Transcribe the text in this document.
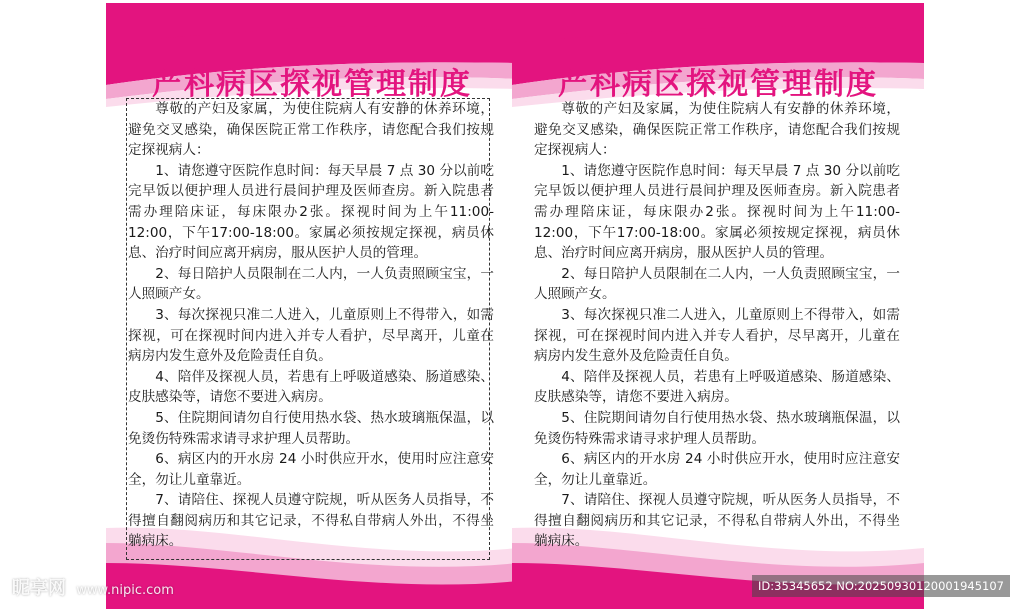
产科病区探视管理制度

尊敬的产妇及家属，为使住院病人有安静的休养环境，避免交叉感染，确保医院正常工作秩序，请您配合我们按规定探视病人：

1、请您遵守医院作息时间：每天早晨 7 点 30 分以前吃完早饭以便护理人员进行晨间护理及医师查房。新入院患者需办理陪床证，每床限办2张。探视时间为上午11:00-12:00，下午17:00-18:00。家属必须按规定探视，病员休息、治疗时间应离开病房，服从医护人员的管理。

2、每日陪护人员限制在二人内，一人负责照顾宝宝，一人照顾产女。

3、每次探视只准二人进入，儿童原则上不得带入，如需探视，可在探视时间内进入并专人看护，尽早离开，儿童在病房内发生意外及危险责任自负。

4、陪伴及探视人员，若患有上呼吸道感染、肠道感染、皮肤感染等，请您不要进入病房。

5、住院期间请勿自行使用热水袋、热水玻璃瓶保温，以免烫伤特殊需求请寻求护理人员帮助。

6、病区内的开水房 24 小时供应开水，使用时应注意安全，勿让儿童靠近。

7、请陪住、探视人员遵守院规，听从医务人员指导，不得擅自翻阅病历和其它记录，不得私自带病人外出，不得坐躺病床。

产科病区探视管理制度

尊敬的产妇及家属，为使住院病人有安静的休养环境，避免交叉感染，确保医院正常工作秩序，请您配合我们按规定探视病人：

1、请您遵守医院作息时间：每天早晨 7 点 30 分以前吃完早饭以便护理人员进行晨间护理及医师查房。新入院患者需办理陪床证，每床限办2张。探视时间为上午11:00-12:00，下午17:00-18:00。家属必须按规定探视，病员休息、治疗时间应离开病房，服从医护人员的管理。

2、每日陪护人员限制在二人内，一人负责照顾宝宝，一人照顾产女。

3、每次探视只准二人进入，儿童原则上不得带入，如需探视，可在探视时间内进入并专人看护，尽早离开，儿童在病房内发生意外及危险责任自负。

4、陪伴及探视人员，若患有上呼吸道感染、肠道感染、皮肤感染等，请您不要进入病房。

5、住院期间请勿自行使用热水袋、热水玻璃瓶保温，以免烫伤特殊需求请寻求护理人员帮助。

6、病区内的开水房 24 小时供应开水，使用时应注意安全，勿让儿童靠近。

7、请陪住、探视人员遵守院规，听从医务人员指导，不得擅自翻阅病历和其它记录，不得私自带病人外出，不得坐躺病床。

昵享网 www.nipic.com	ID:35345652 NO:20250930120001945107
